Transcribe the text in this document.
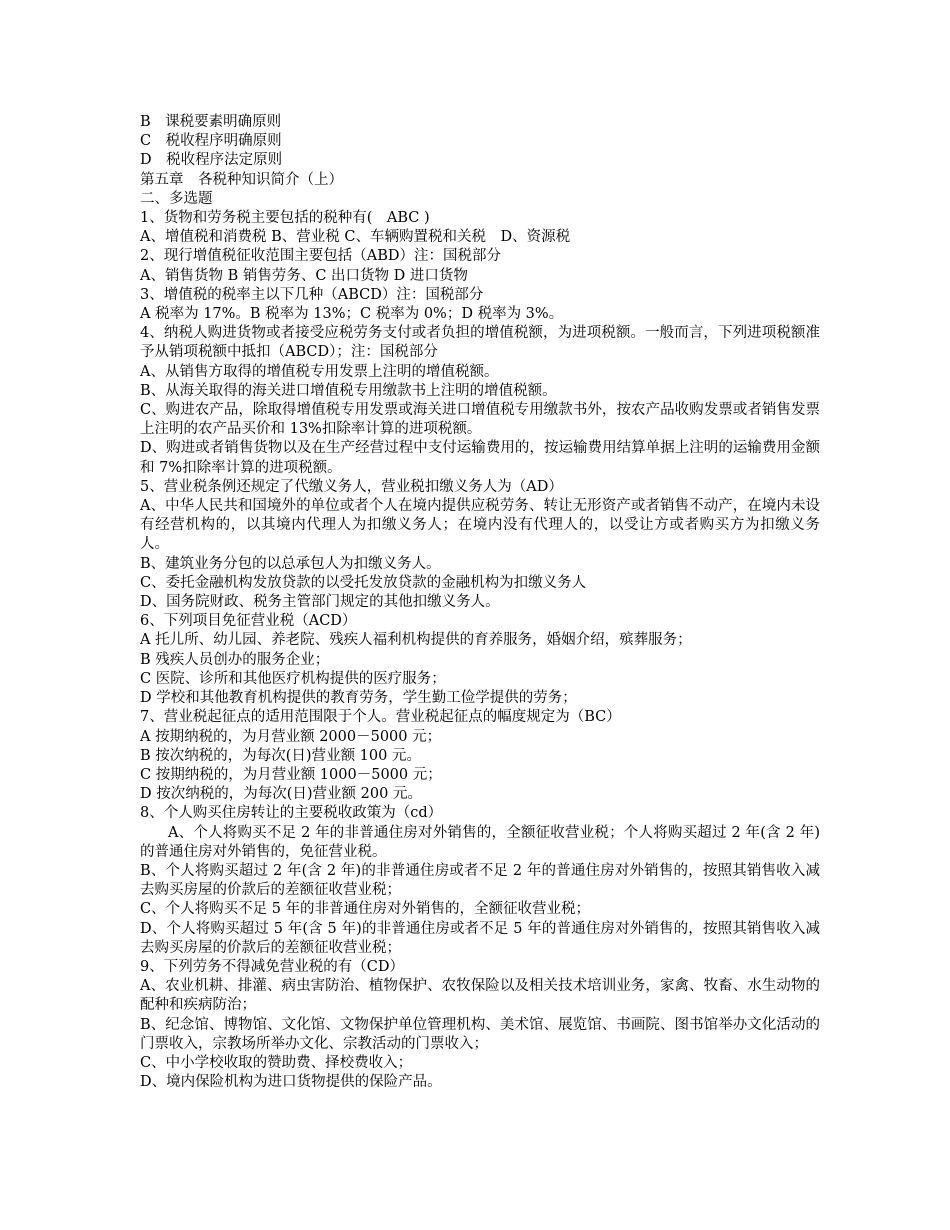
B　课税要素明确原则

C　税收程序明确原则

D　税收程序法定原则

第五章　各税种知识简介（上）

二、多选题

1、货物和劳务税主要包括的税种有(　ABC )

A、增值税和消费税 B、营业税 C、车辆购置税和关税　D、资源税

2、现行增值税征收范围主要包括（ABD）注：国税部分

A、销售货物 B 销售劳务、C 出口货物 D 进口货物

3、增值税的税率主以下几种（ABCD）注：国税部分

A 税率为 17%。B 税率为 13%；C 税率为 0%；D 税率为 3%。

4、纳税人购进货物或者接受应税劳务支付或者负担的增值税额，为进项税额。一般而言，下列进项税额准予从销项税额中抵扣（ABCD）；注：国税部分

A、从销售方取得的增值税专用发票上注明的增值税额。

B、从海关取得的海关进口增值税专用缴款书上注明的增值税额。

C、购进农产品，除取得增值税专用发票或海关进口增值税专用缴款书外，按农产品收购发票或者销售发票上注明的农产品买价和 13%扣除率计算的进项税额。

D、购进或者销售货物以及在生产经营过程中支付运输费用的，按运输费用结算单据上注明的运输费用金额和 7%扣除率计算的进项税额。

5、营业税条例还规定了代缴义务人，营业税扣缴义务人为（AD）

A、中华人民共和国境外的单位或者个人在境内提供应税劳务、转让无形资产或者销售不动产，在境内未设有经营机构的，以其境内代理人为扣缴义务人；在境内没有代理人的，以受让方或者购买方为扣缴义务人。

B、建筑业务分包的以总承包人为扣缴义务人。

C、委托金融机构发放贷款的以受托发放贷款的金融机构为扣缴义务人

D、国务院财政、税务主管部门规定的其他扣缴义务人。

6、下列项目免征营业税（ACD）

A 托儿所、幼儿园、养老院、残疾人福利机构提供的育养服务，婚姻介绍，殡葬服务；

B 残疾人员创办的服务企业；

C 医院、诊所和其他医疗机构提供的医疗服务；

D 学校和其他教育机构提供的教育劳务，学生勤工俭学提供的劳务；

7、营业税起征点的适用范围限于个人。营业税起征点的幅度规定为（BC）

A 按期纳税的，为月营业额 2000－5000 元；

B 按次纳税的，为每次(日)营业额 100 元。

C 按期纳税的，为月营业额 1000－5000 元；

D 按次纳税的，为每次(日)营业额 200 元。

8、个人购买住房转让的主要税收政策为（cd）

A、个人将购买不足 2 年的非普通住房对外销售的，全额征收营业税；个人将购买超过 2 年(含 2 年)的普通住房对外销售的，免征营业税。

B、个人将购买超过 2 年(含 2 年)的非普通住房或者不足 2 年的普通住房对外销售的，按照其销售收入减去购买房屋的价款后的差额征收营业税；

C、个人将购买不足 5 年的非普通住房对外销售的，全额征收营业税；

D、个人将购买超过 5 年(含 5 年)的非普通住房或者不足 5 年的普通住房对外销售的，按照其销售收入减去购买房屋的价款后的差额征收营业税；

9、下列劳务不得减免营业税的有（CD）

A、农业机耕、排灌、病虫害防治、植物保护、农牧保险以及相关技术培训业务，家禽、牧畜、水生动物的配种和疾病防治；

B、纪念馆、博物馆、文化馆、文物保护单位管理机构、美术馆、展览馆、书画院、图书馆举办文化活动的门票收入，宗教场所举办文化、宗教活动的门票收入；

C、中小学校收取的赞助费、择校费收入；

D、境内保险机构为进口货物提供的保险产品。
